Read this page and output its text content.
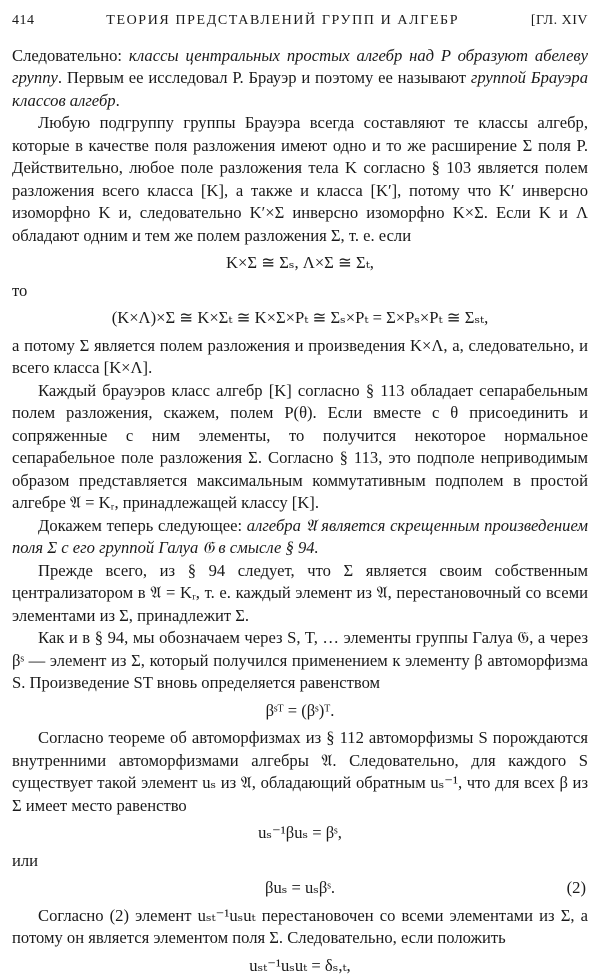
414	ТЕОРИЯ ПРЕДСТАВЛЕНИЙ ГРУПП И АЛГЕБР	[ГЛ. XIV

Следовательно: классы центральных простых алгебр над P образуют абелеву группу. Первым ее исследовал Р. Брауэр и поэтому ее называют группой Брауэра классов алгебр.

Любую подгруппу группы Брауэра всегда составляют те классы алгебр, которые в качестве поля разложения имеют одно и то же расширение Σ поля P. Действительно, любое поле разложения тела K согласно § 103 является полем разложения всего класса [K], а также и класса [K′], потому что K′ инверсно изоморфно K и, следовательно K′×Σ инверсно изоморфно K×Σ. Если K и Λ обладают одним и тем же полем разложения Σ, т. е. если

K×Σ ≅ Σₛ, Λ×Σ ≅ Σₜ,

то

(K×Λ)×Σ ≅ K×Σₜ ≅ K×Σ×Pₜ ≅ Σₛ×Pₜ = Σ×Pₛ×Pₜ ≅ Σₛₜ,

а потому Σ является полем разложения и произведения K×Λ, а, следовательно, и всего класса [K×Λ].

Каждый брауэров класс алгебр [K] согласно § 113 обладает сепарабельным полем разложения, скажем, полем P(θ). Если вместе с θ присоединить и сопряженные с ним элементы, то получится некоторое нормальное сепарабельное поле разложения Σ. Согласно § 113, это подполе неприводимым образом представляется максимальным коммутативным подполем в простой алгебре 𝔄 = Kᵣ, принадлежащей классу [K].

Докажем теперь следующее: алгебра 𝔄 является скрещенным произведением поля Σ с его группой Галуа 𝔊 в смысле § 94.

Прежде всего, из § 94 следует, что Σ является своим собственным централизатором в 𝔄 = Kᵣ, т. е. каждый элемент из 𝔄, перестановочный со всеми элементами из Σ, принадлежит Σ.

Как и в § 94, мы обозначаем через S, T, … элементы группы Галуа 𝔊, а через βˢ — элемент из Σ, который получился применением к элементу β автоморфизма S. Произведение ST вновь определяется равенством

βˢᵀ = (βˢ)ᵀ.

Согласно теореме об автоморфизмах из § 112 автоморфизмы S порождаются внутренними автоморфизмами алгебры 𝔄. Следовательно, для каждого S существует такой элемент uₛ из 𝔄, обладающий обратным uₛ⁻¹, что для всех β из Σ имеет место равенство

uₛ⁻¹βuₛ = βˢ,

или

βuₛ = uₛβˢ.	(2)

Согласно (2) элемент uₛₜ⁻¹uₛuₜ перестановочен со всеми элементами из Σ, а потому он является элементом поля Σ. Следовательно, если положить

uₛₜ⁻¹uₛuₜ = δₛ,ₜ,
